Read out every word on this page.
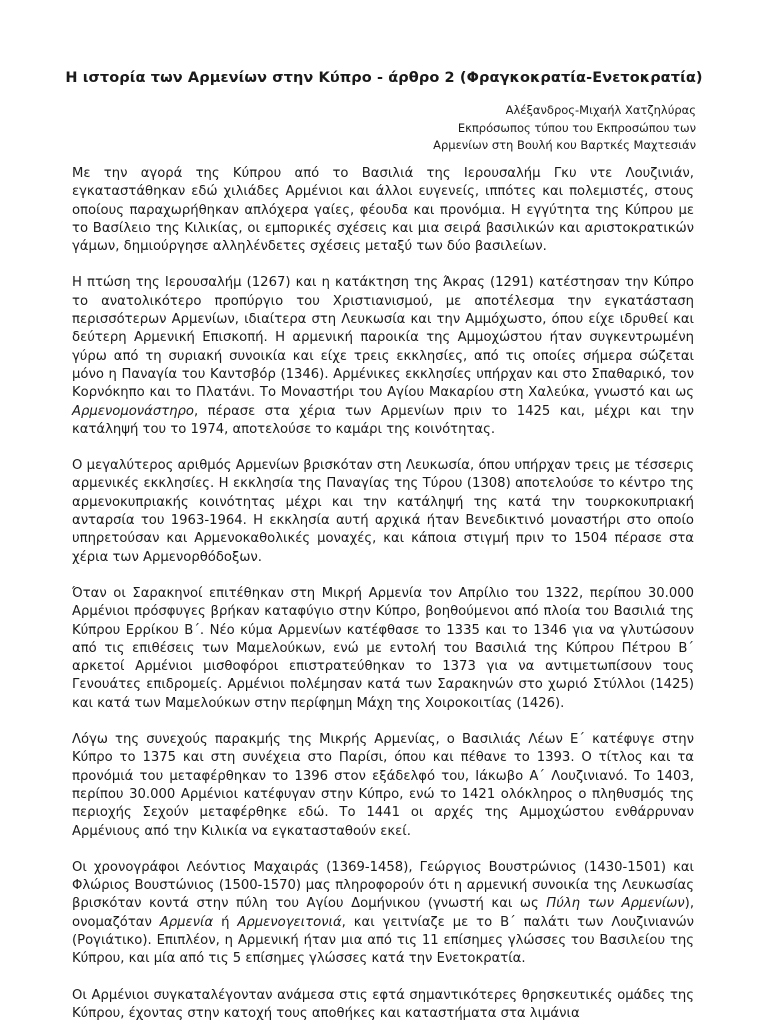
Η ιστορία των Αρμενίων στην Κύπρο - άρθρο 2 (Φραγκοκρατία-Ενετοκρατία)
Αλέξανδρος-Μιχαήλ Χατζηλύρας
Εκπρόσωπος τύπου του Εκπροσώπου των
Αρμενίων στη Βουλή κου Βαρτκές Μαχτεσιάν

Με την αγορά της Κύπρου από το Βασιλιά της Ιερουσαλήμ Γκυ ντε Λουζινιάν, εγκαταστάθηκαν εδώ χιλιάδες Αρμένιοι και άλλοι ευγενείς, ιππότες και πολεμιστές, στους οποίους παραχωρήθηκαν απλόχερα γαίες, φέουδα και προνόμια. Η εγγύτητα της Κύπρου με το Βασίλειο της Κιλικίας, οι εμπορικές σχέσεις και μια σειρά βασιλικών και αριστοκρατικών γάμων, δημιούργησε αλληλένδετες σχέσεις μεταξύ των δύο βασιλείων.

Η πτώση της Ιερουσαλήμ (1267) και η κατάκτηση της Άκρας (1291) κατέστησαν την Κύπρο το ανατολικότερο προπύργιο του Χριστιανισμού, με αποτέλεσμα την εγκατάσταση περισσότερων Αρμενίων, ιδιαίτερα στη Λευκωσία και την Αμμόχωστο, όπου είχε ιδρυθεί και δεύτερη Αρμενική Επισκοπή. Η αρμενική παροικία της Αμμοχώστου ήταν συγκεντρωμένη γύρω από τη συριακή συνοικία και είχε τρεις εκκλησίες, από τις οποίες σήμερα σώζεται μόνο η Παναγία του Καντσβόρ (1346). Αρμένικες εκκλησίες υπήρχαν και στο Σπαθαρικό, τον Κορνόκηπο και το Πλατάνι. Το Μοναστήρι του Αγίου Μακαρίου στη Χαλεύκα, γνωστό και ως Αρμενομονάστηρο, πέρασε στα χέρια των Αρμενίων πριν το 1425 και, μέχρι και την κατάληψή του το 1974, αποτελούσε το καμάρι της κοινότητας.

Ο μεγαλύτερος αριθμός Αρμενίων βρισκόταν στη Λευκωσία, όπου υπήρχαν τρεις με τέσσερις αρμενικές εκκλησίες. Η εκκλησία της Παναγίας της Τύρου (1308) αποτελούσε το κέντρο της αρμενοκυπριακής κοινότητας μέχρι και την κατάληψή της κατά την τουρκοκυπριακή ανταρσία του 1963-1964. Η εκκλησία αυτή αρχικά ήταν Βενεδικτινό μοναστήρι στο οποίο υπηρετούσαν και Αρμενοκαθολικές μοναχές, και κάποια στιγμή πριν το 1504 πέρασε στα χέρια των Αρμενορθόδοξων.

Όταν οι Σαρακηνοί επιτέθηκαν στη Μικρή Αρμενία τον Απρίλιο του 1322, περίπου 30.000 Αρμένιοι πρόσφυγες βρήκαν καταφύγιο στην Κύπρο, βοηθούμενοι από πλοία του Βασιλιά της Κύπρου Ερρίκου Β΄. Νέο κύμα Αρμενίων κατέφθασε το 1335 και το 1346 για να γλυτώσουν από τις επιθέσεις των Μαμελούκων, ενώ με εντολή του Βασιλιά της Κύπρου Πέτρου Β΄ αρκετοί Αρμένιοι μισθοφόροι επιστρατεύθηκαν το 1373 για να αντιμετωπίσουν τους Γενουάτες επιδρομείς. Αρμένιοι πολέμησαν κατά των Σαρακηνών στο χωριό Στύλλοι (1425) και κατά των Μαμελούκων στην περίφημη Μάχη της Χοιροκοιτίας (1426).

Λόγω της συνεχούς παρακμής της Μικρής Αρμενίας, ο Βασιλιάς Λέων Ε΄ κατέφυγε στην Κύπρο το 1375 και στη συνέχεια στο Παρίσι, όπου και πέθανε το 1393. Ο τίτλος και τα προνόμιά του μεταφέρθηκαν το 1396 στον εξάδελφό του, Ιάκωβο Α΄ Λουζινιανό. Το 1403, περίπου 30.000 Αρμένιοι κατέφυγαν στην Κύπρο, ενώ το 1421 ολόκληρος ο πληθυσμός της περιοχής Σεχούν μεταφέρθηκε εδώ. Το 1441 οι αρχές της Αμμοχώστου ενθάρρυναν Αρμένιους από την Κιλικία να εγκατασταθούν εκεί.

Οι χρονογράφοι Λεόντιος Μαχαιράς (1369-1458), Γεώργιος Βουστρώνιος (1430-1501) και Φλώριος Βουστώνιος (1500-1570) μας πληροφορούν ότι η αρμενική συνοικία της Λευκωσίας βρισκόταν κοντά στην πύλη του Αγίου Δομήνικου (γνωστή και ως Πύλη των Αρμενίων), ονομαζόταν Αρμενία ή Αρμενογειτονιά, και γειτνίαζε με το Β΄ παλάτι των Λουζινιανών (Ρογιάτικο). Επιπλέον, η Αρμενική ήταν μια από τις 11 επίσημες γλώσσες του Βασιλείου της Κύπρου, και μία από τις 5 επίσημες γλώσσες κατά την Ενετοκρατία.

Οι Αρμένιοι συγκαταλέγονταν ανάμεσα στις εφτά σημαντικότερες θρησκευτικές ομάδες της Κύπρου, έχοντας στην κατοχή τους αποθήκες και καταστήματα στα λιμάνια
